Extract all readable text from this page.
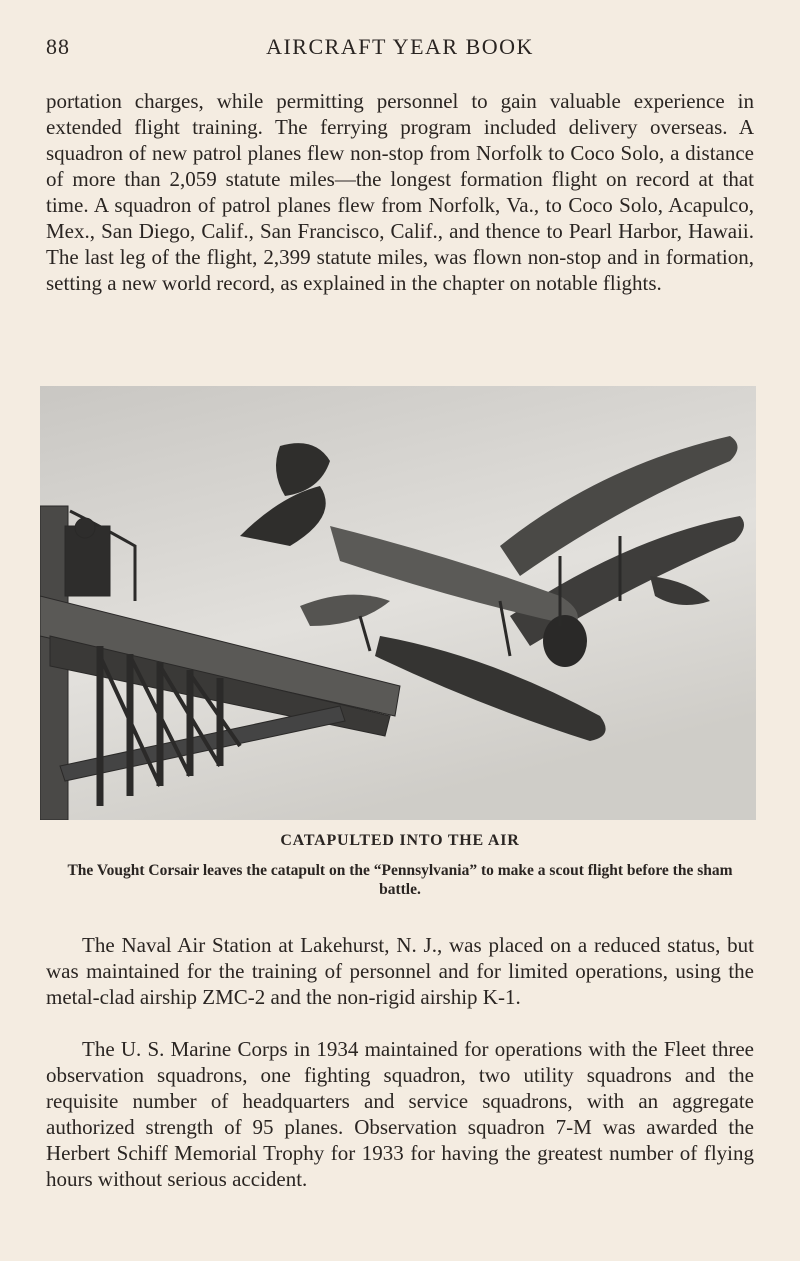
88	AIRCRAFT YEAR BOOK

portation charges, while permitting personnel to gain valuable experience in extended flight training. The ferrying program included delivery overseas. A squadron of new patrol planes flew non-stop from Norfolk to Coco Solo, a distance of more than 2,059 statute miles—the longest formation flight on record at that time. A squadron of patrol planes flew from Norfolk, Va., to Coco Solo, Acapulco, Mex., San Diego, Calif., San Francisco, Calif., and thence to Pearl Harbor, Hawaii. The last leg of the flight, 2,399 statute miles, was flown non-stop and in formation, setting a new world record, as explained in the chapter on notable flights.

CATAPULTED INTO THE AIR
The Vought Corsair leaves the catapult on the “Pennsylvania” to make a scout flight before the sham battle.

The Naval Air Station at Lakehurst, N. J., was placed on a reduced status, but was maintained for the training of personnel and for limited operations, using the metal-clad airship ZMC-2 and the non-rigid airship K-1.

The U. S. Marine Corps in 1934 maintained for operations with the Fleet three observation squadrons, one fighting squadron, two utility squadrons and the requisite number of headquarters and service squadrons, with an aggregate authorized strength of 95 planes. Observation squadron 7-M was awarded the Herbert Schiff Memorial Trophy for 1933 for having the greatest number of flying hours without serious accident.
